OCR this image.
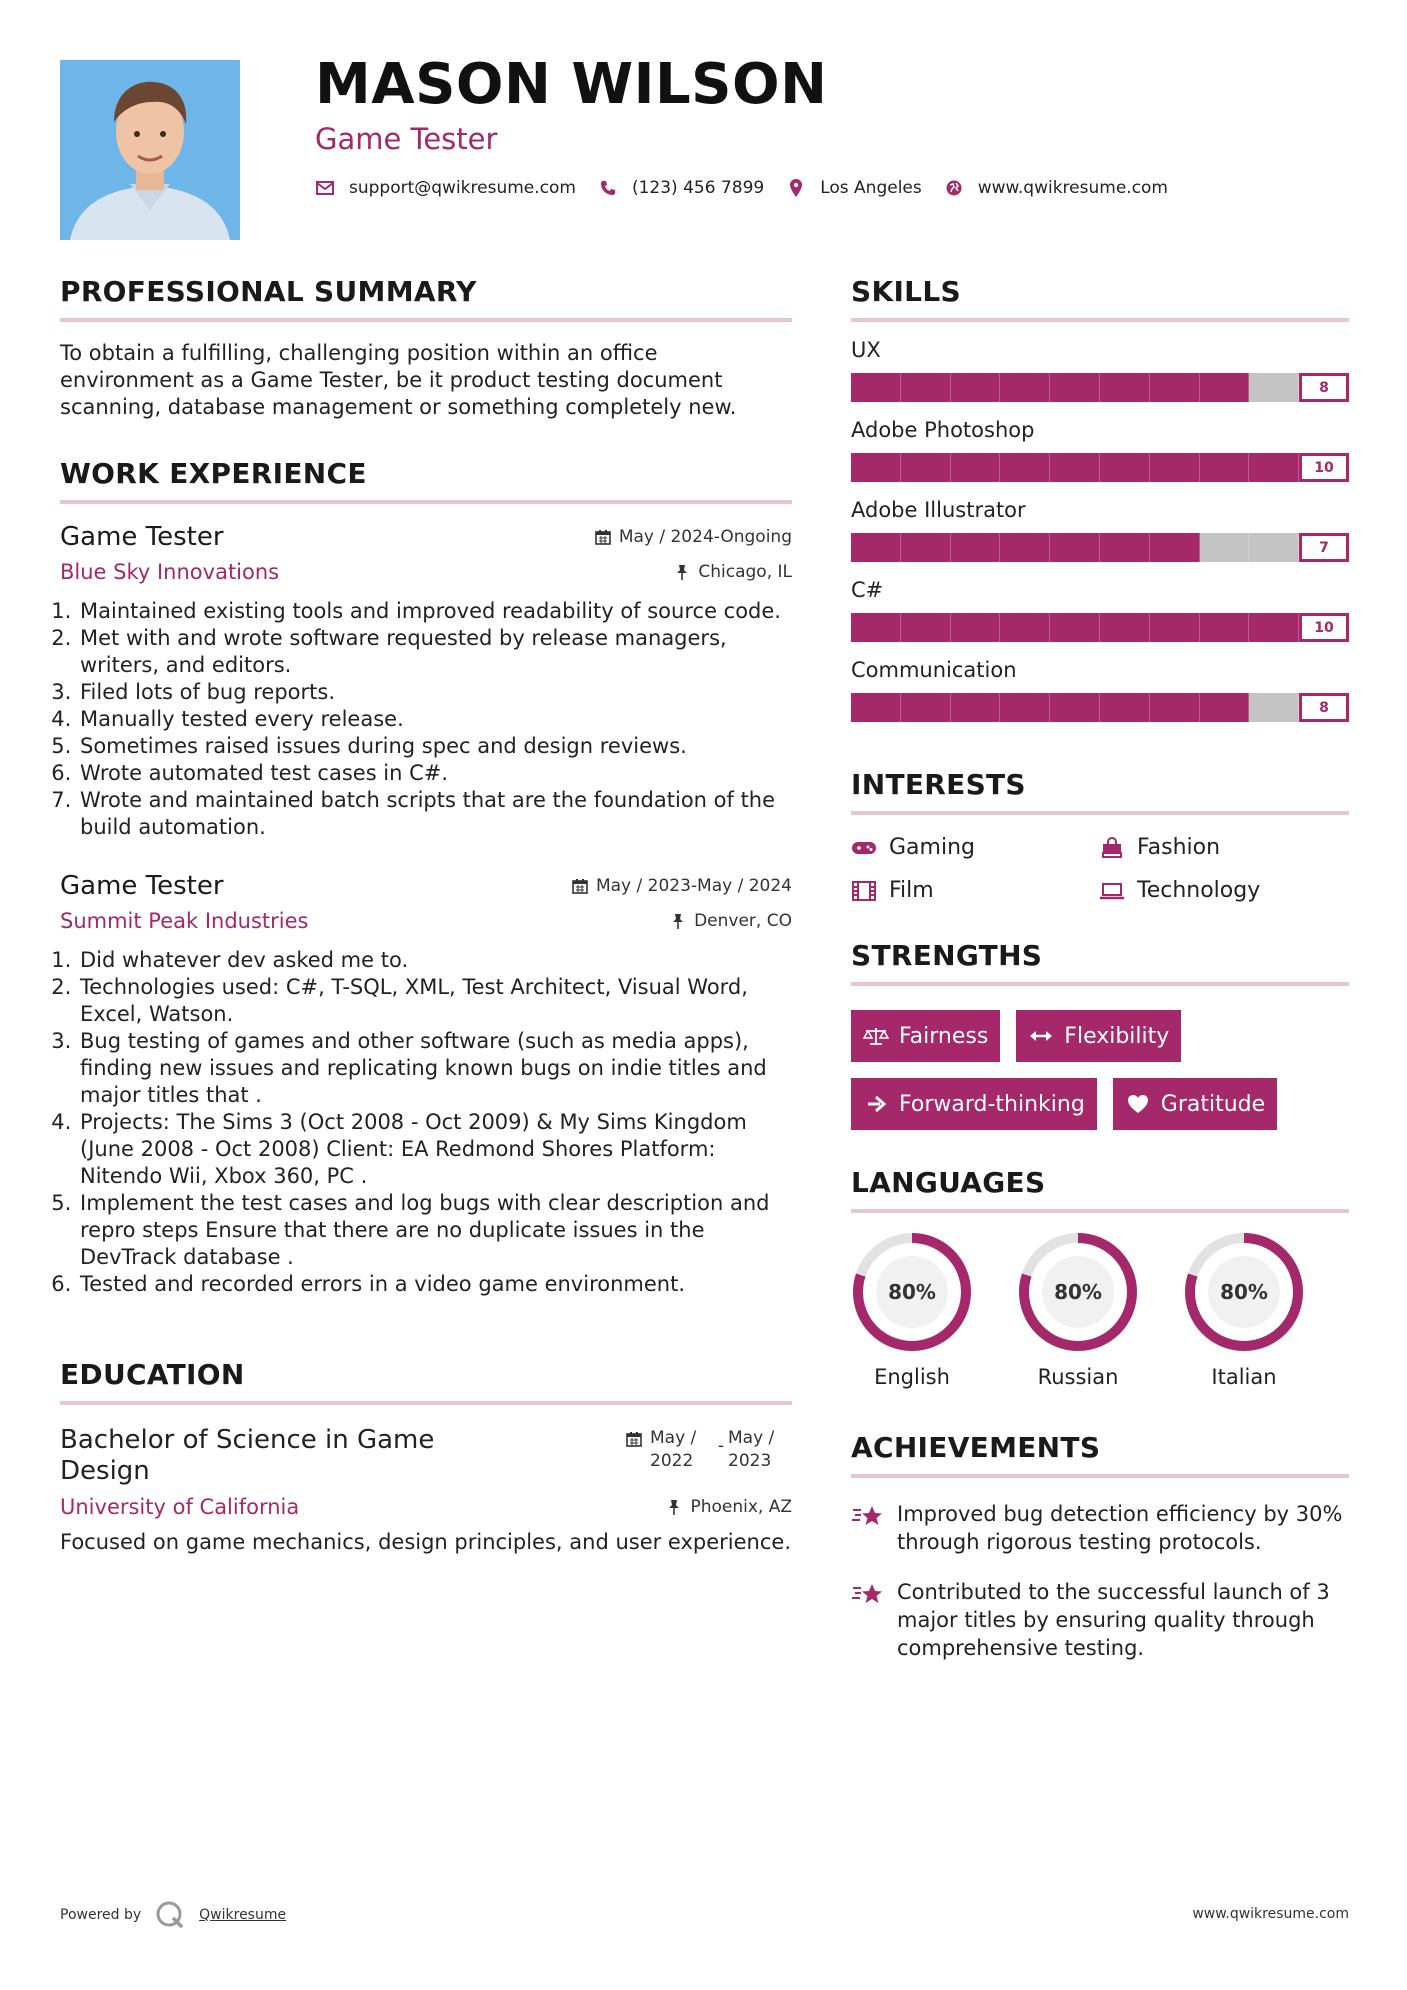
MASON WILSON
Game Tester
support@qwikresume.com	(123) 456 7899	Los Angeles	www.qwikresume.com
PROFESSIONAL SUMMARY

To obtain a fulfilling, challenging position within an office environment as a Game Tester, be it product testing document scanning, database management or something completely new.

WORK EXPERIENCE
Game Tester	May / 2024-Ongoing
Blue Sky Innovations	Chicago, IL
1. Maintained existing tools and improved readability of source code.
2. Met with and wrote software requested by release managers, writers, and editors.
3. Filed lots of bug reports.
4. Manually tested every release.
5. Sometimes raised issues during spec and design reviews.
6. Wrote automated test cases in C#.
7. Wrote and maintained batch scripts that are the foundation of the build automation.
Game Tester	May / 2023-May / 2024
Summit Peak Industries	Denver, CO
1. Did whatever dev asked me to.
2. Technologies used: C#, T-SQL, XML, Test Architect, Visual Word, Excel, Watson.
3. Bug testing of games and other software (such as media apps), finding new issues and replicating known bugs on indie titles and major titles that .
4. Projects: The Sims 3 (Oct 2008 - Oct 2009) & My Sims Kingdom (June 2008 - Oct 2008) Client: EA Redmond Shores Platform: Nitendo Wii, Xbox 360, PC .
5. Implement the test cases and log bugs with clear description and repro steps Ensure that there are no duplicate issues in the DevTrack database .
6. Tested and recorded errors in a video game environment.
EDUCATION
Bachelor of Science in Game Design
May / 2022
- May / 2023
University of California	Phoenix, AZ

Focused on game mechanics, design principles, and user experience.

SKILLS
UX
8
Adobe Photoshop
10
Adobe Illustrator
7
C#
10
Communication
8
INTERESTS
Gaming	Fashion
Film	Technology
STRENGTHS
Fairness	Flexibility
Forward-thinking	Gratitude
LANGUAGES
80%
English
80%
Russian
80%
Italian
ACHIEVEMENTS
Improved bug detection efficiency by 30% through rigorous testing protocols.
Contributed to the successful launch of 3 major titles by ensuring quality through comprehensive testing.
Powered by	Qwikresume	www.qwikresume.com
